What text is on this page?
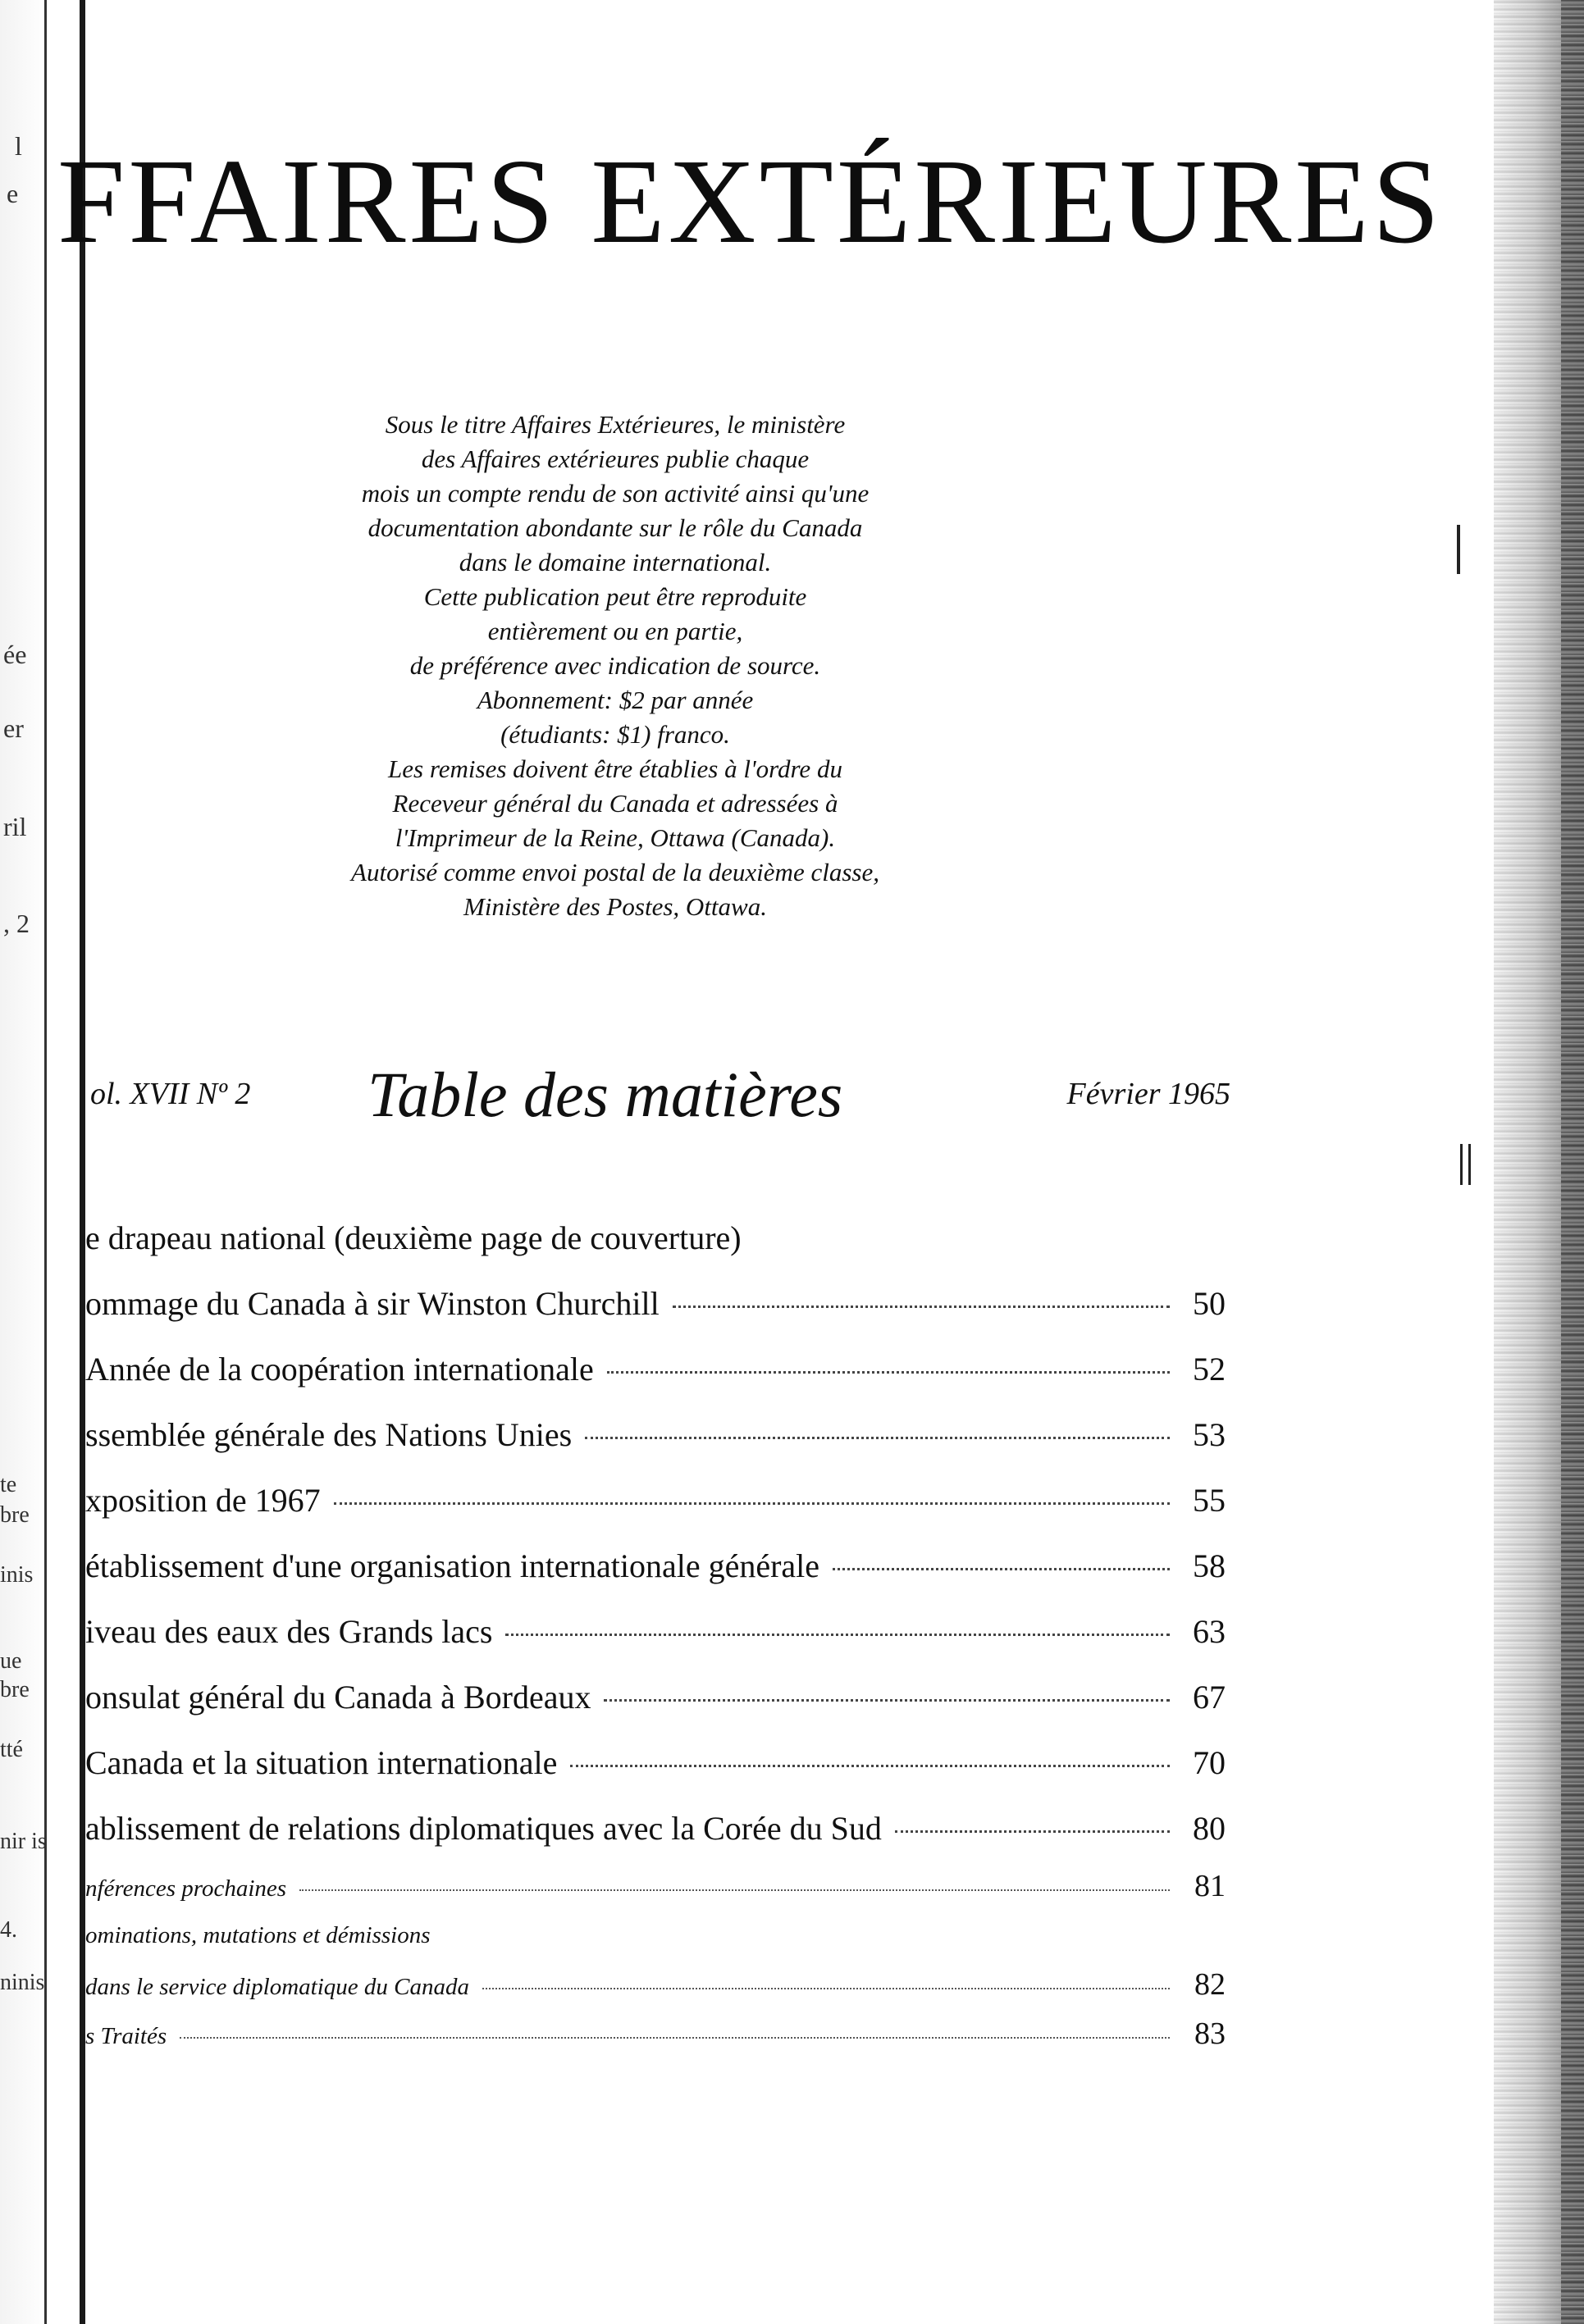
l
e
ée
er
ril
, 2
te
bre
inis
ue
bre
tté
nir is
4.
ninis
FFAIRES EXTÉRIEURES
Sous le titre Affaires Extérieures, le ministère
des Affaires extérieures publie chaque
mois un compte rendu de son activité ainsi qu'une
documentation abondante sur le rôle du Canada
dans le domaine international.
Cette publication peut être reproduite
entièrement ou en partie,
de préférence avec indication de source.
Abonnement: $2 par année
(étudiants: $1) franco.
Les remises doivent être établies à l'ordre du
Receveur général du Canada et adressées à
l'Imprimeur de la Reine, Ottawa (Canada).
Autorisé comme envoi postal de la deuxième classe,
Ministère des Postes, Ottawa.
ol. XVII Nº 2 Table des matières	Février 1965
e drapeau national (deuxième page de couverture)
ommage du Canada à sir Winston Churchill	50
Année de la coopération internationale	52
ssemblée générale des Nations Unies	53
xposition de 1967	55
établissement d'une organisation internationale générale	58
iveau des eaux des Grands lacs	63
onsulat général du Canada à Bordeaux	67
Canada et la situation internationale	70
ablissement de relations diplomatiques avec la Corée du Sud	80
nférences prochaines	81
ominations, mutations et démissions
dans le service diplomatique du Canada	82
s Traités	83
